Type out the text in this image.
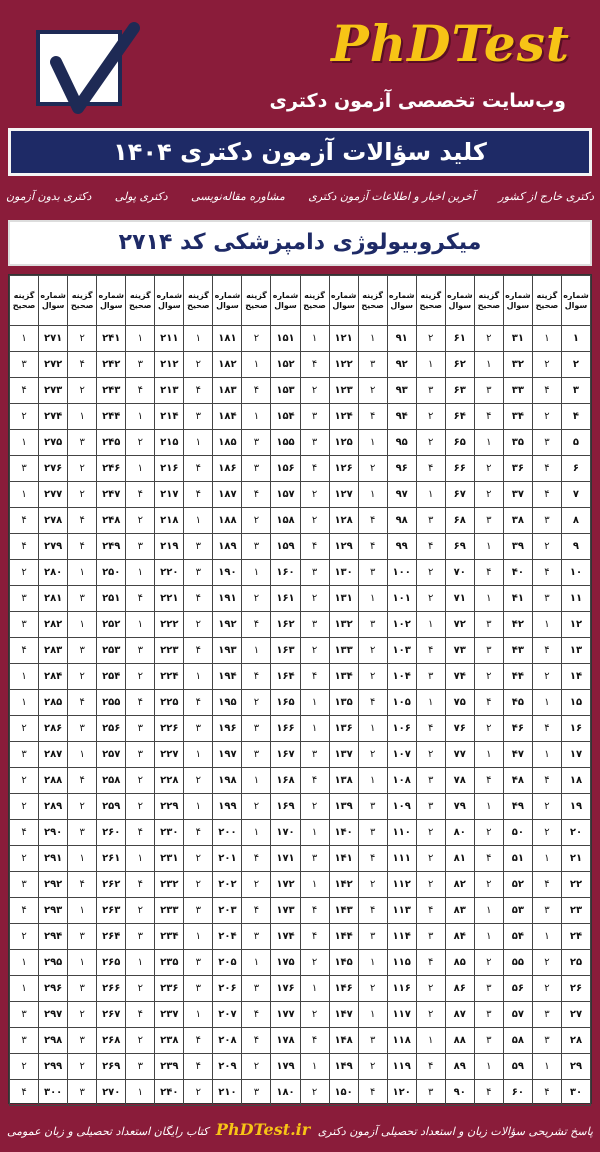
PhDTest
وب‌سایت تخصصی آزمون دکتری
کلید سؤالات آزمون دکتری ۱۴۰۴
دکتری بدون آزمون دکتری پولی مشاوره مقاله‌نویسی آخرین اخبار و اطلاعات آزمون دکتری دکتری خارج از کشور
میکروبیولوژی دامپزشکی کد ۲۷۱۴
شماره سوال	گزینه صحیح	شماره سوال	گزینه صحیح	شماره سوال	گزینه صحیح	شماره سوال	گزینه صحیح	شماره سوال	گزینه صحیح	شماره سوال	گزینه صحیح	شماره سوال	گزینه صحیح	شماره سوال	گزینه صحیح	شماره سوال	گزینه صحیح	شماره سوال	گزینه صحیح
۱	۱	۳۱	۲	۶۱	۲	۹۱	۱	۱۲۱	۱	۱۵۱	۲	۱۸۱	۱	۲۱۱	۱	۲۴۱	۲	۲۷۱	۱
۲	۲	۳۲	۱	۶۲	۱	۹۲	۳	۱۲۲	۴	۱۵۲	۱	۱۸۲	۲	۲۱۲	۳	۲۴۲	۴	۲۷۲	۳
۳	۴	۳۳	۳	۶۳	۳	۹۳	۲	۱۲۳	۲	۱۵۳	۴	۱۸۳	۴	۲۱۳	۴	۲۴۳	۲	۲۷۳	۴
۴	۲	۳۴	۴	۶۴	۲	۹۴	۴	۱۲۴	۳	۱۵۴	۱	۱۸۴	۳	۲۱۴	۱	۲۴۴	۱	۲۷۴	۲
۵	۳	۳۵	۱	۶۵	۲	۹۵	۱	۱۲۵	۳	۱۵۵	۳	۱۸۵	۱	۲۱۵	۲	۲۴۵	۳	۲۷۵	۱
۶	۴	۳۶	۲	۶۶	۴	۹۶	۲	۱۲۶	۴	۱۵۶	۳	۱۸۶	۴	۲۱۶	۱	۲۴۶	۲	۲۷۶	۳
۷	۴	۳۷	۲	۶۷	۱	۹۷	۱	۱۲۷	۲	۱۵۷	۴	۱۸۷	۴	۲۱۷	۴	۲۴۷	۲	۲۷۷	۱
۸	۳	۳۸	۳	۶۸	۳	۹۸	۴	۱۲۸	۲	۱۵۸	۲	۱۸۸	۱	۲۱۸	۲	۲۴۸	۴	۲۷۸	۴
۹	۲	۳۹	۱	۶۹	۴	۹۹	۴	۱۲۹	۴	۱۵۹	۳	۱۸۹	۳	۲۱۹	۳	۲۴۹	۴	۲۷۹	۴
۱۰	۴	۴۰	۴	۷۰	۲	۱۰۰	۳	۱۳۰	۳	۱۶۰	۱	۱۹۰	۳	۲۲۰	۱	۲۵۰	۱	۲۸۰	۲
۱۱	۳	۴۱	۱	۷۱	۲	۱۰۱	۱	۱۳۱	۲	۱۶۱	۲	۱۹۱	۴	۲۲۱	۴	۲۵۱	۳	۲۸۱	۳
۱۲	۱	۴۲	۳	۷۲	۱	۱۰۲	۳	۱۳۲	۳	۱۶۲	۴	۱۹۲	۲	۲۲۲	۱	۲۵۲	۱	۲۸۲	۳
۱۳	۴	۴۳	۳	۷۳	۴	۱۰۳	۲	۱۳۳	۲	۱۶۳	۱	۱۹۳	۴	۲۲۳	۳	۲۵۳	۳	۲۸۳	۴
۱۴	۲	۴۴	۲	۷۴	۳	۱۰۴	۲	۱۳۴	۴	۱۶۴	۴	۱۹۴	۱	۲۲۴	۲	۲۵۴	۲	۲۸۴	۱
۱۵	۱	۴۵	۴	۷۵	۱	۱۰۵	۴	۱۳۵	۱	۱۶۵	۲	۱۹۵	۴	۲۲۵	۴	۲۵۵	۴	۲۸۵	۱
۱۶	۴	۴۶	۲	۷۶	۴	۱۰۶	۱	۱۳۶	۱	۱۶۶	۳	۱۹۶	۳	۲۲۶	۳	۲۵۶	۳	۲۸۶	۲
۱۷	۱	۴۷	۱	۷۷	۲	۱۰۷	۲	۱۳۷	۳	۱۶۷	۳	۱۹۷	۱	۲۲۷	۳	۲۵۷	۱	۲۸۷	۳
۱۸	۴	۴۸	۴	۷۸	۳	۱۰۸	۱	۱۳۸	۴	۱۶۸	۱	۱۹۸	۲	۲۲۸	۲	۲۵۸	۴	۲۸۸	۲
۱۹	۲	۴۹	۱	۷۹	۳	۱۰۹	۳	۱۳۹	۲	۱۶۹	۲	۱۹۹	۱	۲۲۹	۲	۲۵۹	۲	۲۸۹	۲
۲۰	۲	۵۰	۲	۸۰	۲	۱۱۰	۳	۱۴۰	۱	۱۷۰	۱	۲۰۰	۴	۲۳۰	۴	۲۶۰	۳	۲۹۰	۴
۲۱	۱	۵۱	۴	۸۱	۲	۱۱۱	۴	۱۴۱	۳	۱۷۱	۴	۲۰۱	۲	۲۳۱	۱	۲۶۱	۱	۲۹۱	۲
۲۲	۴	۵۲	۲	۸۲	۲	۱۱۲	۲	۱۴۲	۱	۱۷۲	۲	۲۰۲	۲	۲۳۲	۴	۲۶۲	۴	۲۹۲	۳
۲۳	۳	۵۳	۱	۸۳	۴	۱۱۳	۴	۱۴۳	۴	۱۷۳	۴	۲۰۳	۳	۲۳۳	۲	۲۶۳	۱	۲۹۳	۴
۲۴	۱	۵۴	۱	۸۴	۳	۱۱۴	۳	۱۴۴	۴	۱۷۴	۳	۲۰۴	۱	۲۳۴	۳	۲۶۴	۳	۲۹۴	۲
۲۵	۲	۵۵	۲	۸۵	۴	۱۱۵	۱	۱۴۵	۲	۱۷۵	۱	۲۰۵	۳	۲۳۵	۱	۲۶۵	۱	۲۹۵	۱
۲۶	۲	۵۶	۳	۸۶	۲	۱۱۶	۲	۱۴۶	۱	۱۷۶	۳	۲۰۶	۳	۲۳۶	۲	۲۶۶	۳	۲۹۶	۱
۲۷	۳	۵۷	۳	۸۷	۲	۱۱۷	۱	۱۴۷	۲	۱۷۷	۴	۲۰۷	۱	۲۳۷	۴	۲۶۷	۲	۲۹۷	۳
۲۸	۳	۵۸	۳	۸۸	۱	۱۱۸	۳	۱۴۸	۴	۱۷۸	۴	۲۰۸	۴	۲۳۸	۲	۲۶۸	۳	۲۹۸	۳
۲۹	۱	۵۹	۱	۸۹	۴	۱۱۹	۲	۱۴۹	۱	۱۷۹	۲	۲۰۹	۴	۲۳۹	۳	۲۶۹	۲	۲۹۹	۲
۳۰	۴	۶۰	۴	۹۰	۳	۱۲۰	۴	۱۵۰	۲	۱۸۰	۳	۲۱۰	۲	۲۴۰	۱	۲۷۰	۳	۳۰۰	۴
پاسخ تشریحی سؤالات زبان و استعداد تحصیلی آزمون دکتری PhDTest.ir کتاب رایگان استعداد تحصیلی و زبان عمومی
